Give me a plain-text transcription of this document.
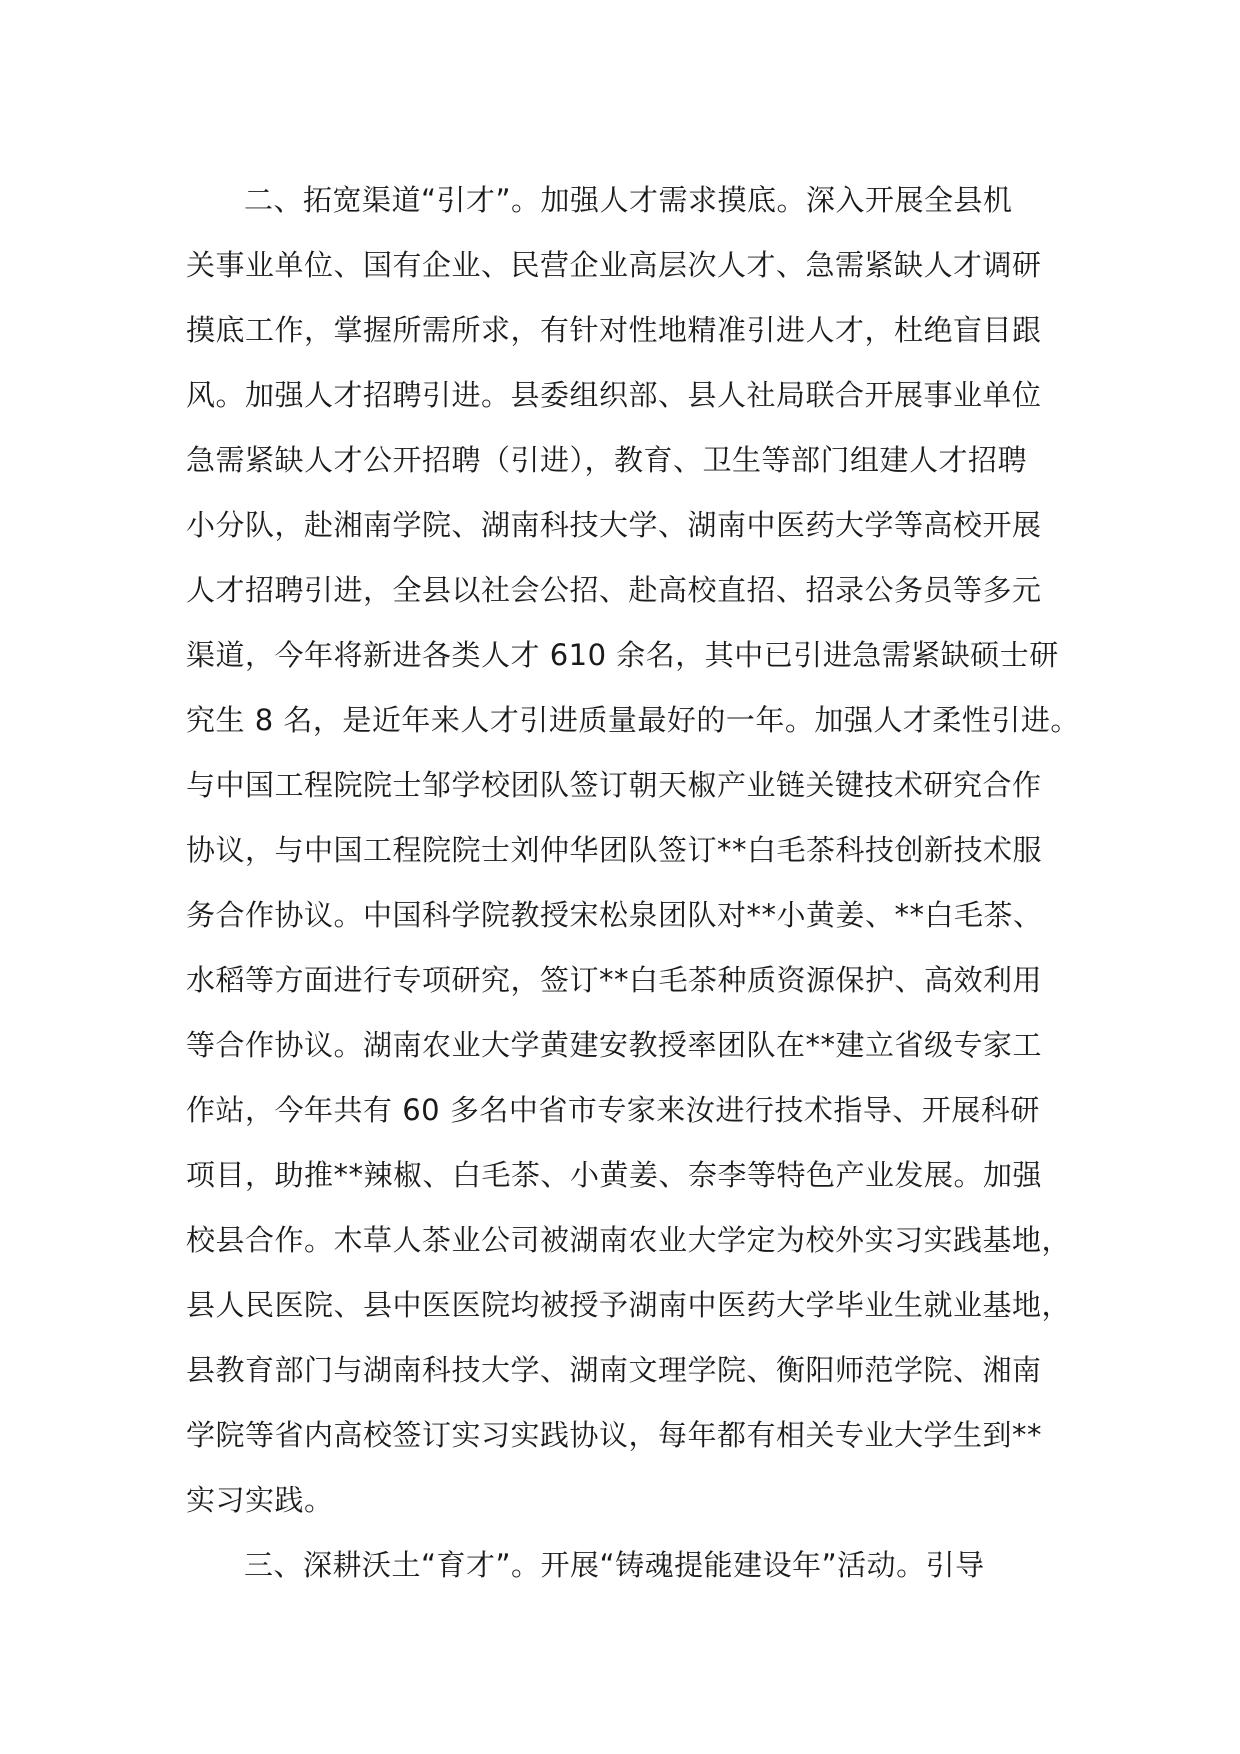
二、拓宽渠道“引才”。加强人才需求摸底。深入开展全县机
关事业单位、国有企业、民营企业高层次人才、急需紧缺人才调研
摸底工作，掌握所需所求，有针对性地精准引进人才，杜绝盲目跟
风。加强人才招聘引进。县委组织部、县人社局联合开展事业单位
急需紧缺人才公开招聘（引进），教育、卫生等部门组建人才招聘
小分队，赴湘南学院、湖南科技大学、湖南中医药大学等高校开展
人才招聘引进，全县以社会公招、赴高校直招、招录公务员等多元
渠道，今年将新进各类人才 610 余名，其中已引进急需紧缺硕士研
究生 8 名，是近年来人才引进质量最好的一年。加强人才柔性引进。
与中国工程院院士邹学校团队签订朝天椒产业链关键技术研究合作
协议，与中国工程院院士刘仲华团队签订**白毛茶科技创新技术服
务合作协议。中国科学院教授宋松泉团队对**小黄姜、**白毛茶、
水稻等方面进行专项研究，签订**白毛茶种质资源保护、高效利用
等合作协议。湖南农业大学黄建安教授率团队在**建立省级专家工
作站，今年共有 60 多名中省市专家来汝进行技术指导、开展科研
项目，助推**辣椒、白毛茶、小黄姜、奈李等特色产业发展。加强
校县合作。木草人茶业公司被湖南农业大学定为校外实习实践基地，
县人民医院、县中医医院均被授予湖南中医药大学毕业生就业基地，
县教育部门与湖南科技大学、湖南文理学院、衡阳师范学院、湘南
学院等省内高校签订实习实践协议，每年都有相关专业大学生到**
实习实践。
三、深耕沃土“育才”。开展“铸魂提能建设年”活动。引导
